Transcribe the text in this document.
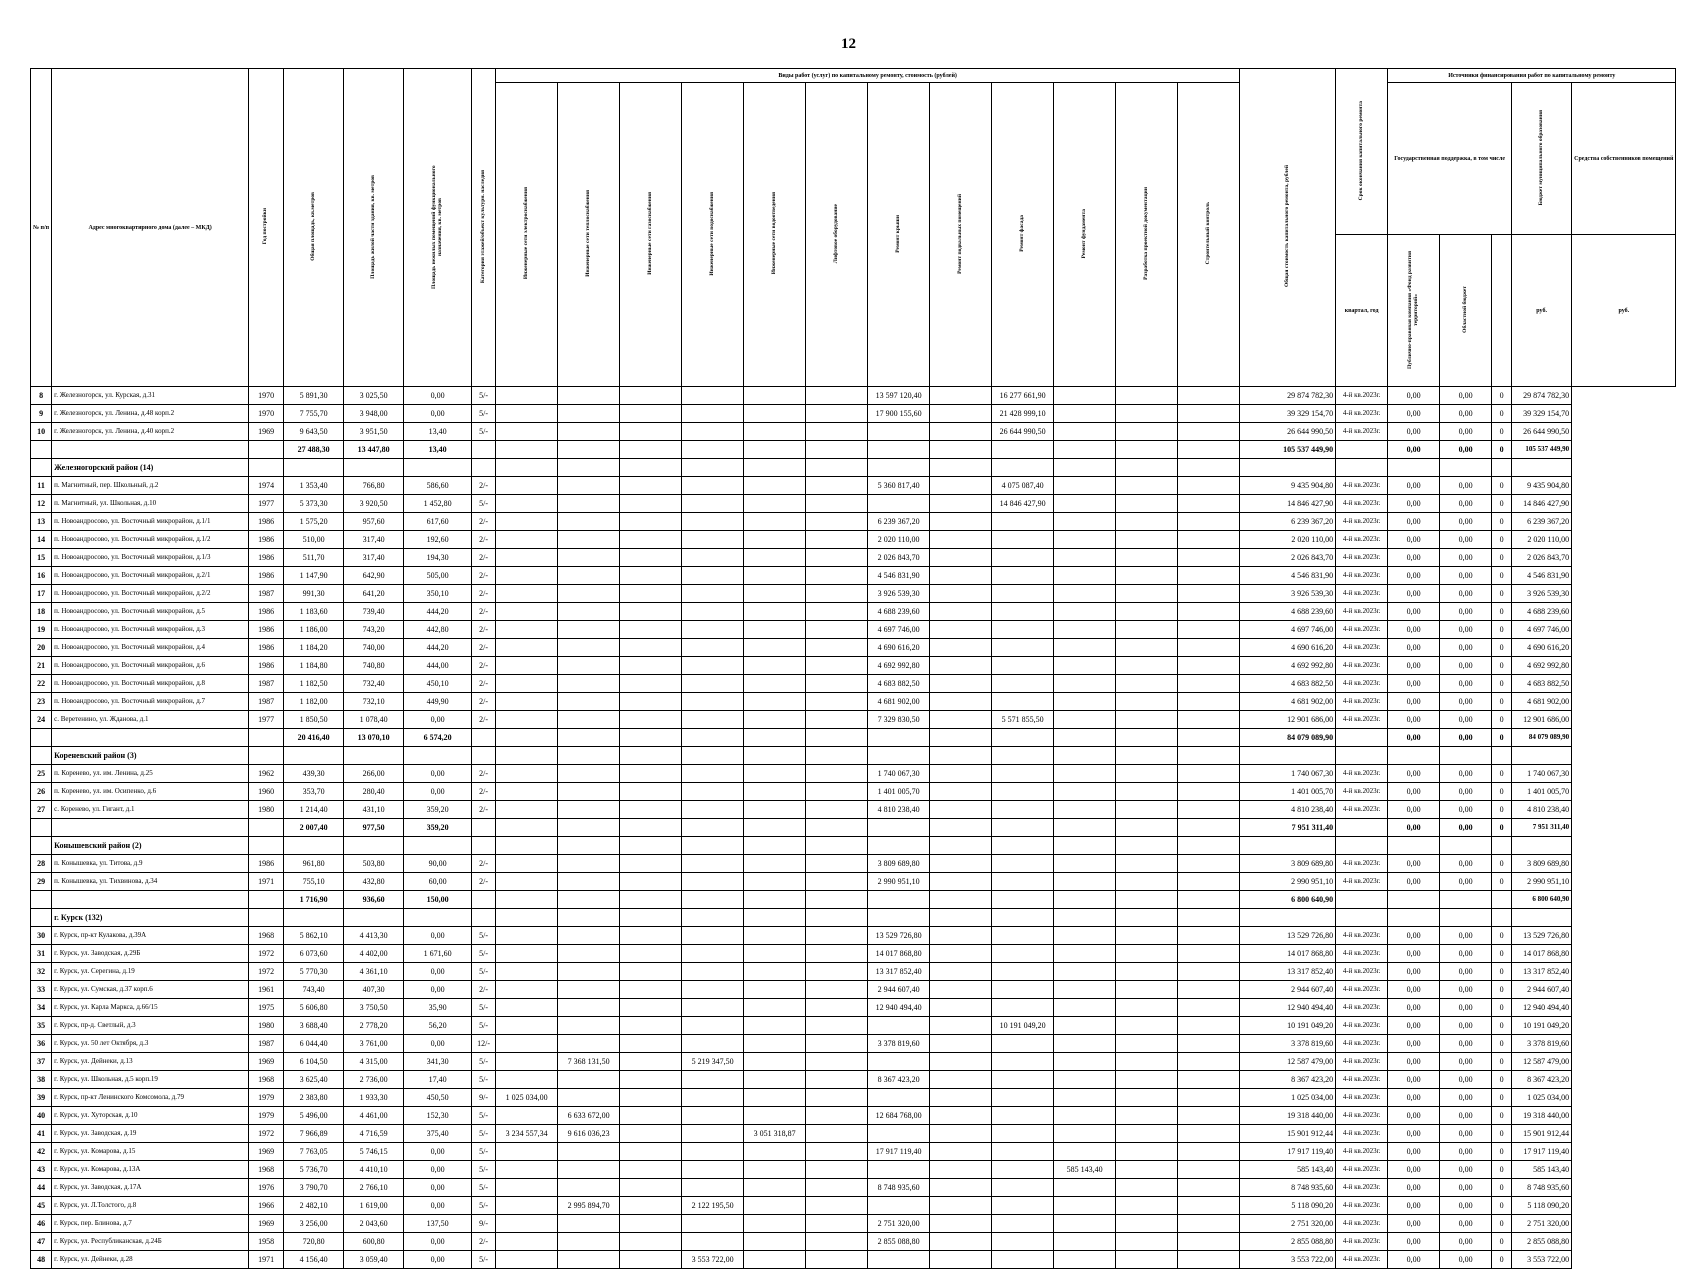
12
№ п/п	Адрес многоквартирного дома (далее – МКД)	Год постройки	Общая площадь, кв.метров	Площадь жилой части здания, кв. метров	Площадь нежилых помещений функционального назначения, кв. метров	Категория этажей/объект культурн. наследия	Виды работ (услуг) по капитальному ремонту, стоимость (рублей)												Общая стоимость капитального ремонта, рублей	Срок окончания капитального ремонта	Источники финансирования работ по капитальному ремонту				
							Инженерные сети электроснабжения	Инженерные сети теплоснабжения	Инженерные сети газоснабжения	Инженерные сети водоснабжения	Инженерные сети водоотведения	Лифтовое оборудование	Ремонт крыши	Ремонт подвальных помещений	Ремонт фасада	Ремонт фундамента	Разработка проектной документации	Строительный контроль			Государственная поддержка, в том числе			Бюджет муниципального образования	Средства собственников помещений
																				квартал, год	Публично-правовая компания «Фонд развития территорий»	Областной бюджет		руб.	руб.
8	г. Железногорск, ул. Курская, д.31	1970	5 891,30	3 025,50	0,00	5/-							13 597 120,40		16 277 661,90				29 874 782,30	4-й кв.2023г.	0,00	0,00	0	29 874 782,30	
9	г. Железногорск, ул. Ленина, д.48 корп.2	1970	7 755,70	3 948,00	0,00	5/-							17 900 155,60		21 428 999,10				39 329 154,70	4-й кв.2023г.	0,00	0,00	0	39 329 154,70	
10	г. Железногорск, ул. Ленина, д.40 корп.2	1969	9 643,50	3 951,50	13,40	5/-									26 644 990,50				26 644 990,50	4-й кв.2023г.	0,00	0,00	0	26 644 990,50	
			27 488,30	13 447,80	13,40														105 537 449,90		0,00	0,00	0	105 537 449,90	
	Железногорский район (14)																								
11	п. Магнитный, пер. Школьный, д.2	1974	1 353,40	766,80	586,60	2/-							5 360 817,40		4 075 087,40				9 435 904,80	4-й кв.2023г.	0,00	0,00	0	9 435 904,80	
12	п. Магнитный, ул. Школьная, д.10	1977	5 373,30	3 920,50	1 452,80	5/-									14 846 427,90				14 846 427,90	4-й кв.2023г.	0,00	0,00	0	14 846 427,90	
13	п. Новоандросово, ул. Восточный микрорайон, д.1/1	1986	1 575,20	957,60	617,60	2/-							6 239 367,20						6 239 367,20	4-й кв.2023г.	0,00	0,00	0	6 239 367,20	
14	п. Новоандросово, ул. Восточный микрорайон, д.1/2	1986	510,00	317,40	192,60	2/-							2 020 110,00						2 020 110,00	4-й кв.2023г.	0,00	0,00	0	2 020 110,00	
15	п. Новоандросово, ул. Восточный микрорайон, д.1/3	1986	511,70	317,40	194,30	2/-							2 026 843,70						2 026 843,70	4-й кв.2023г.	0,00	0,00	0	2 026 843,70	
16	п. Новоандросово, ул. Восточный микрорайон, д.2/1	1986	1 147,90	642,90	505,00	2/-							4 546 831,90						4 546 831,90	4-й кв.2023г.	0,00	0,00	0	4 546 831,90	
17	п. Новоандросово, ул. Восточный микрорайон, д.2/2	1987	991,30	641,20	350,10	2/-							3 926 539,30						3 926 539,30	4-й кв.2023г.	0,00	0,00	0	3 926 539,30	
18	п. Новоандросово, ул. Восточный микрорайон, д.5	1986	1 183,60	739,40	444,20	2/-							4 688 239,60						4 688 239,60	4-й кв.2023г.	0,00	0,00	0	4 688 239,60	
19	п. Новоандросово, ул. Восточный микрорайон, д.3	1986	1 186,00	743,20	442,80	2/-							4 697 746,00						4 697 746,00	4-й кв.2023г.	0,00	0,00	0	4 697 746,00	
20	п. Новоандросово, ул. Восточный микрорайон, д.4	1986	1 184,20	740,00	444,20	2/-							4 690 616,20						4 690 616,20	4-й кв.2023г.	0,00	0,00	0	4 690 616,20	
21	п. Новоандросово, ул. Восточный микрорайон, д.6	1986	1 184,80	740,80	444,00	2/-							4 692 992,80						4 692 992,80	4-й кв.2023г.	0,00	0,00	0	4 692 992,80	
22	п. Новоандросово, ул. Восточный микрорайон, д.8	1987	1 182,50	732,40	450,10	2/-							4 683 882,50						4 683 882,50	4-й кв.2023г.	0,00	0,00	0	4 683 882,50	
23	п. Новоандросово, ул. Восточный микрорайон, д.7	1987	1 182,00	732,10	449,90	2/-							4 681 902,00						4 681 902,00	4-й кв.2023г.	0,00	0,00	0	4 681 902,00	
24	с. Веретенино, ул. Жданова, д.1	1977	1 850,50	1 078,40	0,00	2/-							7 329 830,50		5 571 855,50				12 901 686,00	4-й кв.2023г.	0,00	0,00	0	12 901 686,00	
			20 416,40	13 070,10	6 574,20														84 079 089,90		0,00	0,00	0	84 079 089,90	
	Кореневский район (3)																								
25	п. Коренево, ул. им. Ленина, д.25	1962	439,30	266,00	0,00	2/-							1 740 067,30						1 740 067,30	4-й кв.2023г.	0,00	0,00	0	1 740 067,30	
26	п. Коренево, ул. им. Осипенко, д.6	1960	353,70	280,40	0,00	2/-							1 401 005,70						1 401 005,70	4-й кв.2023г.	0,00	0,00	0	1 401 005,70	
27	с. Коренево, ул. Гигант, д.1	1980	1 214,40	431,10	359,20	2/-							4 810 238,40						4 810 238,40	4-й кв.2023г.	0,00	0,00	0	4 810 238,40	
			2 007,40	977,50	359,20														7 951 311,40		0,00	0,00	0	7 951 311,40	
	Конышевский район (2)																								
28	п. Конышевка, ул. Титова, д.9	1986	961,80	503,80	90,00	2/-							3 809 689,80						3 809 689,80	4-й кв.2023г.	0,00	0,00	0	3 809 689,80	
29	п. Конышевка, ул. Тихвинова, д.34	1971	755,10	432,80	60,00	2/-							2 990 951,10						2 990 951,10	4-й кв.2023г.	0,00	0,00	0	2 990 951,10	
			1 716,90	936,60	150,00														6 800 640,90					6 800 640,90	
	г. Курск (132)																								
30	г. Курск, пр-кт Кулакова, д.39А	1968	5 862,10	4 413,30	0,00	5/-							13 529 726,80						13 529 726,80	4-й кв.2023г.	0,00	0,00	0	13 529 726,80	
31	г. Курск, ул. Заводская, д.29Б	1972	6 073,60	4 402,00	1 671,60	5/-							14 017 868,80						14 017 868,80	4-й кв.2023г.	0,00	0,00	0	14 017 868,80	
32	г. Курск, ул. Серегина, д.19	1972	5 770,30	4 361,10	0,00	5/-							13 317 852,40						13 317 852,40	4-й кв.2023г.	0,00	0,00	0	13 317 852,40	
33	г. Курск, ул. Сумская, д.37 корп.6	1961	743,40	407,30	0,00	2/-							2 944 607,40						2 944 607,40	4-й кв.2023г.	0,00	0,00	0	2 944 607,40	
34	г. Курск, ул. Карла Маркса, д.66/15	1975	5 606,80	3 750,50	35,90	5/-							12 940 494,40						12 940 494,40	4-й кв.2023г.	0,00	0,00	0	12 940 494,40	
35	г. Курск, пр-д. Светлый, д.3	1980	3 688,40	2 778,20	56,20	5/-									10 191 049,20				10 191 049,20	4-й кв.2023г.	0,00	0,00	0	10 191 049,20	
36	г. Курск, ул. 50 лет Октября, д.3	1987	6 044,40	3 761,00	0,00	12/-							3 378 819,60						3 378 819,60	4-й кв.2023г.	0,00	0,00	0	3 378 819,60	
37	г. Курск, ул. Дейнеки, д.13	1969	6 104,50	4 315,00	341,30	5/-		7 368 131,50		5 219 347,50									12 587 479,00	4-й кв.2023г.	0,00	0,00	0	12 587 479,00	
38	г. Курск, ул. Школьная, д.5 корп.19	1968	3 625,40	2 736,00	17,40	5/-							8 367 423,20						8 367 423,20	4-й кв.2023г.	0,00	0,00	0	8 367 423,20	
39	г. Курск, пр-кт Ленинского Комсомола, д.79	1979	2 383,80	1 933,30	450,50	9/-	1 025 034,00												1 025 034,00	4-й кв.2023г.	0,00	0,00	0	1 025 034,00	
40	г. Курск, ул. Хуторская, д.10	1979	5 496,00	4 461,00	152,30	5/-		6 633 672,00					12 684 768,00						19 318 440,00	4-й кв.2023г.	0,00	0,00	0	19 318 440,00	
41	г. Курск, ул. Заводская, д.19	1972	7 966,89	4 716,59	375,40	5/-	3 234 557,34	9 616 036,23			3 051 318,87								15 901 912,44	4-й кв.2023г.	0,00	0,00	0	15 901 912,44	
42	г. Курск, ул. Комарова, д.15	1969	7 763,05	5 746,15	0,00	5/-							17 917 119,40						17 917 119,40	4-й кв.2023г.	0,00	0,00	0	17 917 119,40	
43	г. Курск, ул. Комарова, д.13А	1968	5 736,70	4 410,10	0,00	5/-										585 143,40			585 143,40	4-й кв.2023г.	0,00	0,00	0	585 143,40	
44	г. Курск, ул. Заводская, д.17А	1976	3 790,70	2 766,10	0,00	5/-							8 748 935,60						8 748 935,60	4-й кв.2023г.	0,00	0,00	0	8 748 935,60	
45	г. Курск, ул. Л.Толстого, д.8	1966	2 482,10	1 619,00	0,00	5/-		2 995 894,70		2 122 195,50									5 118 090,20	4-й кв.2023г.	0,00	0,00	0	5 118 090,20	
46	г. Курск, пер. Блинова, д.7	1969	3 256,00	2 043,60	137,50	9/-							2 751 320,00						2 751 320,00	4-й кв.2023г.	0,00	0,00	0	2 751 320,00	
47	г. Курск, ул. Республиканская, д.24Б	1958	720,80	600,80	0,00	2/-							2 855 088,80						2 855 088,80	4-й кв.2023г.	0,00	0,00	0	2 855 088,80	
48	г. Курск, ул. Дейнеки, д.28	1971	4 156,40	3 059,40	0,00	5/-				3 553 722,00									3 553 722,00	4-й кв.2023г.	0,00	0,00	0	3 553 722,00	
